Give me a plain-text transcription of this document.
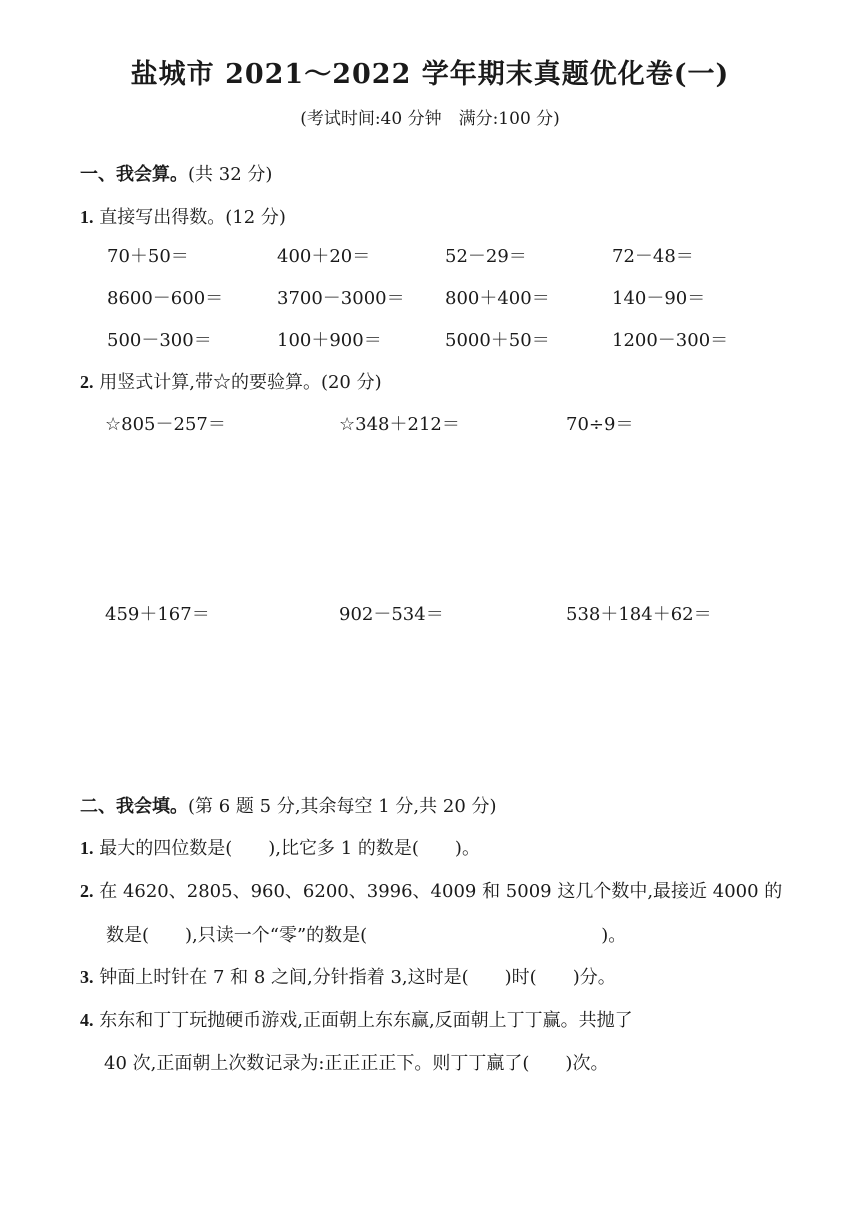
盐城市 2021～2022 学年期末真题优化卷(一)
(考试时间:40 分钟　满分:100 分)
一、我会算。(共 32 分)
1. 直接写出得数。(12 分)
70＋50＝	400＋20＝	52－29＝	72－48＝
8600－600＝	3700－3000＝ 800＋400＝	140－90＝
500－300＝	100＋900＝	5000＋50＝	1200－300＝
2. 用竖式计算,带☆的要验算。(20 分)
☆805－257＝	☆348＋212＝	70÷9＝
459＋167＝	902－534＝	538＋184＋62＝
二、我会填。(第 6 题 5 分,其余每空 1 分,共 20 分)
1. 最大的四位数是(　　),比它多 1 的数是(　　)。
2. 在 4620、2805、960、6200、3996、4009 和 5009 这几个数中,最接近 4000 的
数是(　　),只读一个“零”的数是(　　　　　　　　　　　　　)。
3. 钟面上时针在 7 和 8 之间,分针指着 3,这时是(　　)时(　　)分。
4. 东东和丁丁玩抛硬币游戏,正面朝上东东赢,反面朝上丁丁赢。共抛了
40 次,正面朝上次数记录为:正正正正下。则丁丁赢了(　　)次。
